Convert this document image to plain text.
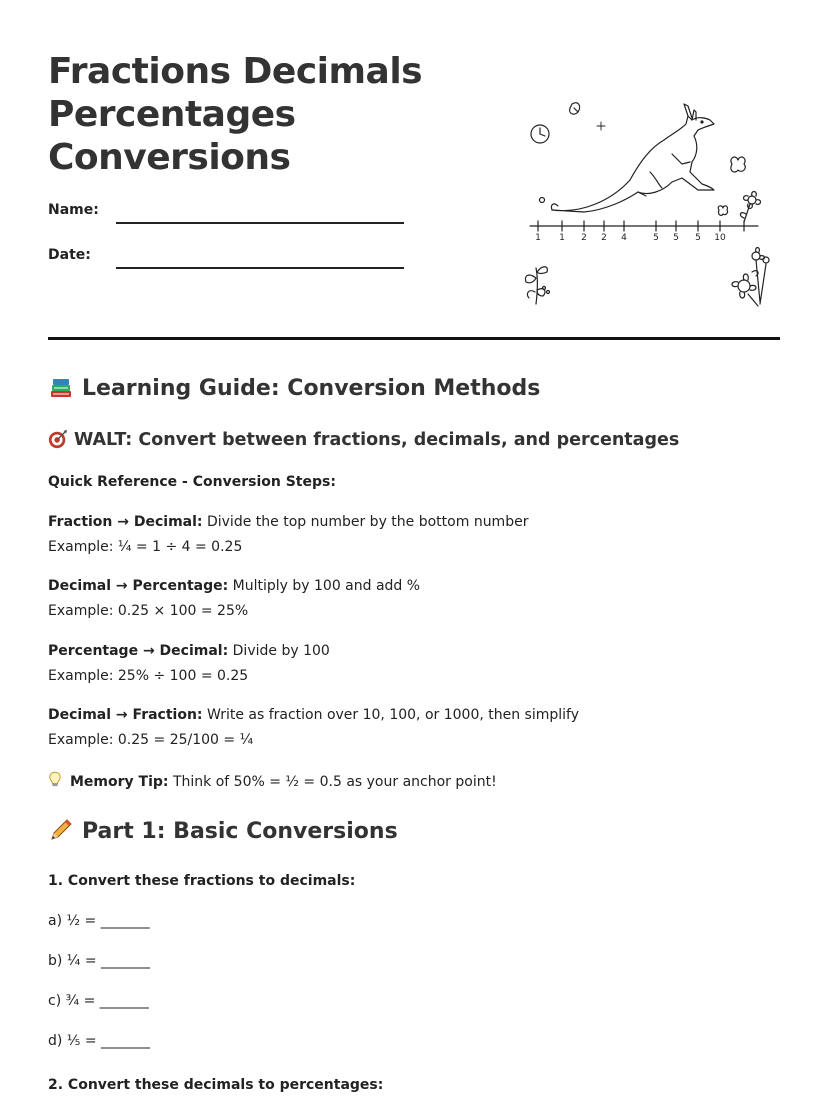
Fractions Decimals
Percentages
Conversions
Name:
Date:
1 1 2 2 4	5 5 5 10
Learning Guide: Conversion Methods
WALT: Convert between fractions, decimals, and percentages
Quick Reference - Conversion Steps:
Fraction → Decimal: Divide the top number by the bottom number
Example: ¼ = 1 ÷ 4 = 0.25
Decimal → Percentage: Multiply by 100 and add %
Example: 0.25 × 100 = 25%
Percentage → Decimal: Divide by 100
Example: 25% ÷ 100 = 0.25
Decimal → Fraction: Write as fraction over 10, 100, or 1000, then simplify
Example: 0.25 = 25/100 = ¼
Memory Tip: Think of 50% = ½ = 0.5 as your anchor point!
Part 1: Basic Conversions
1. Convert these fractions to decimals:
a) ½ = _______
b) ¼ = _______
c) ¾ = _______
d) ⅕ = _______
2. Convert these decimals to percentages:
